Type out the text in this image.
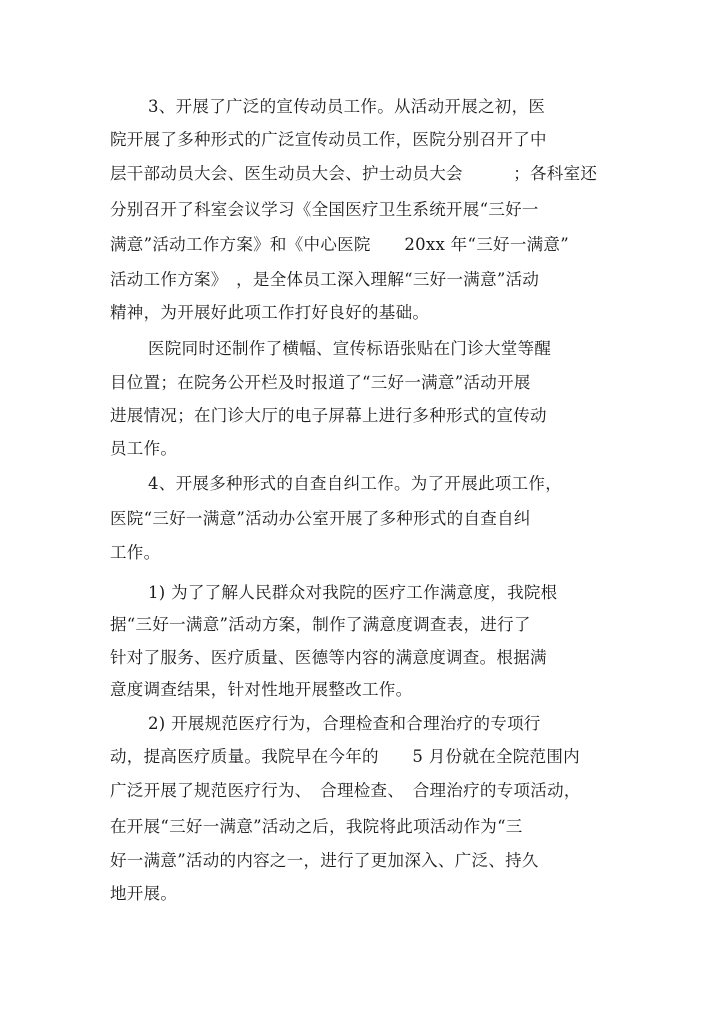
3、开展了广泛的宣传动员工作。从活动开展之初，医
院开展了多种形式的广泛宣传动员工作，医院分别召开了中
层干部动员大会、医生动员大会、护士动员大会　　　；各科室还
分别召开了科室会议学习《全国医疗卫生系统开展“三好一
满意”活动工作方案》和《中心医院　　20xx 年“三好一满意”
活动工作方案》　，是全体员工深入理解“三好一满意”活动
精神，为开展好此项工作打好良好的基础。
医院同时还制作了横幅、宣传标语张贴在门诊大堂等醒
目位置；在院务公开栏及时报道了“三好一满意”活动开展
进展情况；在门诊大厅的电子屏幕上进行多种形式的宣传动
员工作。
4、开展多种形式的自查自纠工作。为了开展此项工作，
医院“三好一满意”活动办公室开展了多种形式的自查自纠
工作。
1) 为了了解人民群众对我院的医疗工作满意度，我院根
据“三好一满意”活动方案，制作了满意度调查表，进行了
针对了服务、医疗质量、医德等内容的满意度调查。根据满
意度调查结果，针对性地开展整改工作。
2) 开展规范医疗行为，合理检查和合理治疗的专项行
动，提高医疗质量。我院早在今年的　　5 月份就在全院范围内
广泛开展了规范医疗行为、　合理检查、　合理治疗的专项活动，
在开展“三好一满意”活动之后，我院将此项活动作为“三
好一满意”活动的内容之一，进行了更加深入、广泛、持久
地开展。
